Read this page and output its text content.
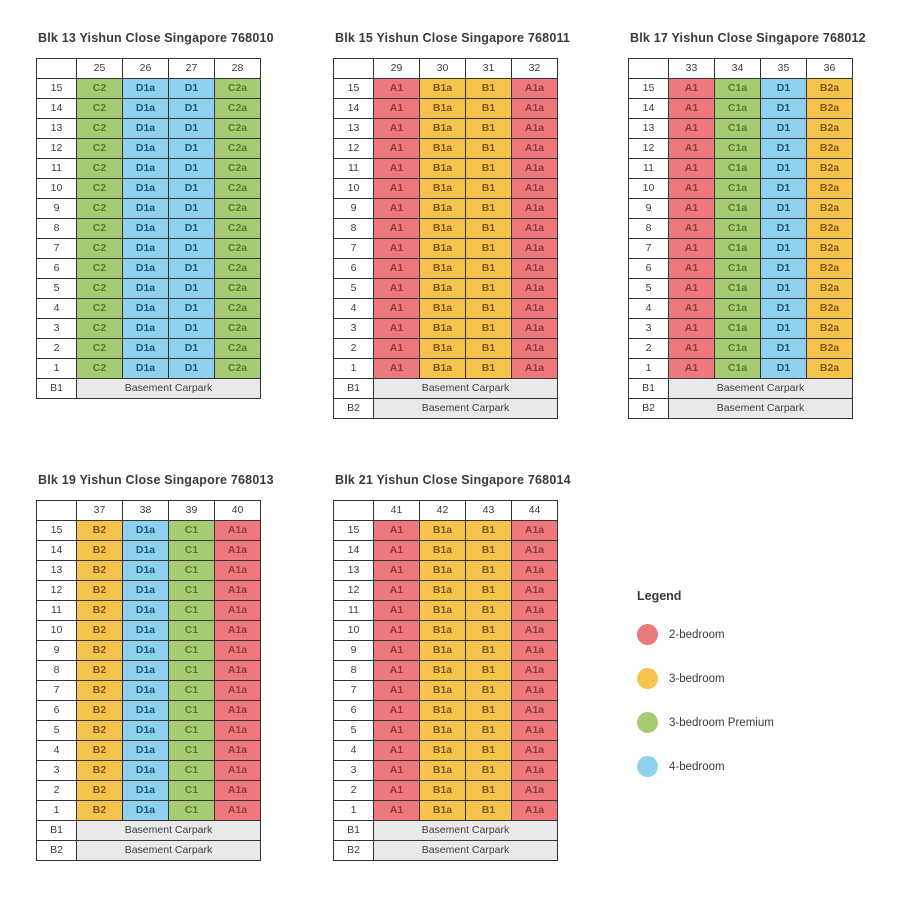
Blk 13 Yishun Close Singapore 768010
	25	26	27	28
15	C2	D1a	D1	C2a
14	C2	D1a	D1	C2a
13	C2	D1a	D1	C2a
12	C2	D1a	D1	C2a
11	C2	D1a	D1	C2a
10	C2	D1a	D1	C2a
9	C2	D1a	D1	C2a
8	C2	D1a	D1	C2a
7	C2	D1a	D1	C2a
6	C2	D1a	D1	C2a
5	C2	D1a	D1	C2a
4	C2	D1a	D1	C2a
3	C2	D1a	D1	C2a
2	C2	D1a	D1	C2a
1	C2	D1a	D1	C2a
B1	Basement Carpark			
Blk 15 Yishun Close Singapore 768011
	29	30	31	32
15	A1	B1a	B1	A1a
14	A1	B1a	B1	A1a
13	A1	B1a	B1	A1a
12	A1	B1a	B1	A1a
11	A1	B1a	B1	A1a
10	A1	B1a	B1	A1a
9	A1	B1a	B1	A1a
8	A1	B1a	B1	A1a
7	A1	B1a	B1	A1a
6	A1	B1a	B1	A1a
5	A1	B1a	B1	A1a
4	A1	B1a	B1	A1a
3	A1	B1a	B1	A1a
2	A1	B1a	B1	A1a
1	A1	B1a	B1	A1a
B1	Basement Carpark			
B2	Basement Carpark			
Blk 17 Yishun Close Singapore 768012
	33	34	35	36
15	A1	C1a	D1	B2a
14	A1	C1a	D1	B2a
13	A1	C1a	D1	B2a
12	A1	C1a	D1	B2a
11	A1	C1a	D1	B2a
10	A1	C1a	D1	B2a
9	A1	C1a	D1	B2a
8	A1	C1a	D1	B2a
7	A1	C1a	D1	B2a
6	A1	C1a	D1	B2a
5	A1	C1a	D1	B2a
4	A1	C1a	D1	B2a
3	A1	C1a	D1	B2a
2	A1	C1a	D1	B2a
1	A1	C1a	D1	B2a
B1	Basement Carpark			
B2	Basement Carpark			
Blk 19 Yishun Close Singapore 768013
	37	38	39	40
15	B2	D1a	C1	A1a
14	B2	D1a	C1	A1a
13	B2	D1a	C1	A1a
12	B2	D1a	C1	A1a
11	B2	D1a	C1	A1a
10	B2	D1a	C1	A1a
9	B2	D1a	C1	A1a
8	B2	D1a	C1	A1a
7	B2	D1a	C1	A1a
6	B2	D1a	C1	A1a
5	B2	D1a	C1	A1a
4	B2	D1a	C1	A1a
3	B2	D1a	C1	A1a
2	B2	D1a	C1	A1a
1	B2	D1a	C1	A1a
B1	Basement Carpark			
B2	Basement Carpark			
Blk 21 Yishun Close Singapore 768014
	41	42	43	44
15	A1	B1a	B1	A1a
14	A1	B1a	B1	A1a
13	A1	B1a	B1	A1a
12	A1	B1a	B1	A1a
11	A1	B1a	B1	A1a
10	A1	B1a	B1	A1a
9	A1	B1a	B1	A1a
8	A1	B1a	B1	A1a
7	A1	B1a	B1	A1a
6	A1	B1a	B1	A1a
5	A1	B1a	B1	A1a
4	A1	B1a	B1	A1a
3	A1	B1a	B1	A1a
2	A1	B1a	B1	A1a
1	A1	B1a	B1	A1a
B1	Basement Carpark			
B2	Basement Carpark			
Legend
2-bedroom
3-bedroom
3-bedroom Premium
4-bedroom
